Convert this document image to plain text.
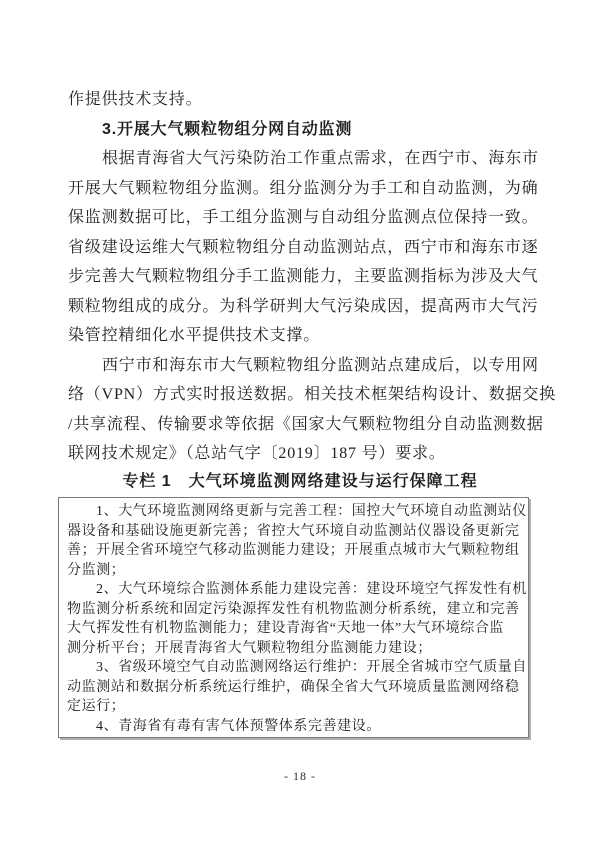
作提供技术支持。
3.开展大气颗粒物组分网自动监测
根据青海省大气污染防治工作重点需求，在西宁市、海东市
开展大气颗粒物组分监测。组分监测分为手工和自动监测，为确
保监测数据可比，手工组分监测与自动组分监测点位保持一致。
省级建设运维大气颗粒物组分自动监测站点，西宁市和海东市逐
步完善大气颗粒物组分手工监测能力，主要监测指标为涉及大气
颗粒物组成的成分。为科学研判大气污染成因，提高两市大气污
染管控精细化水平提供技术支撑。
西宁市和海东市大气颗粒物组分监测站点建成后，以专用网
络（VPN）方式实时报送数据。相关技术框架结构设计、数据交换
/共享流程、传输要求等依据《国家大气颗粒物组分自动监测数据
联网技术规定》（总站气字〔2019〕187 号）要求。
专栏 1　大气环境监测网络建设与运行保障工程
1、大气环境监测网络更新与完善工程：国控大气环境自动监测站仪
器设备和基础设施更新完善；省控大气环境自动监测站仪器设备更新完
善；开展全省环境空气移动监测能力建设；开展重点城市大气颗粒物组
分监测；
2、大气环境综合监测体系能力建设完善：建设环境空气挥发性有机
物监测分析系统和固定污染源挥发性有机物监测分析系统，建立和完善
大气挥发性有机物监测能力；建设青海省“天地一体”大气环境综合监
测分析平台；开展青海省大气颗粒物组分监测能力建设；
3、省级环境空气自动监测网络运行维护：开展全省城市空气质量自
动监测站和数据分析系统运行维护，确保全省大气环境质量监测网络稳
定运行；
4、青海省有毒有害气体预警体系完善建设。
- 18 -
